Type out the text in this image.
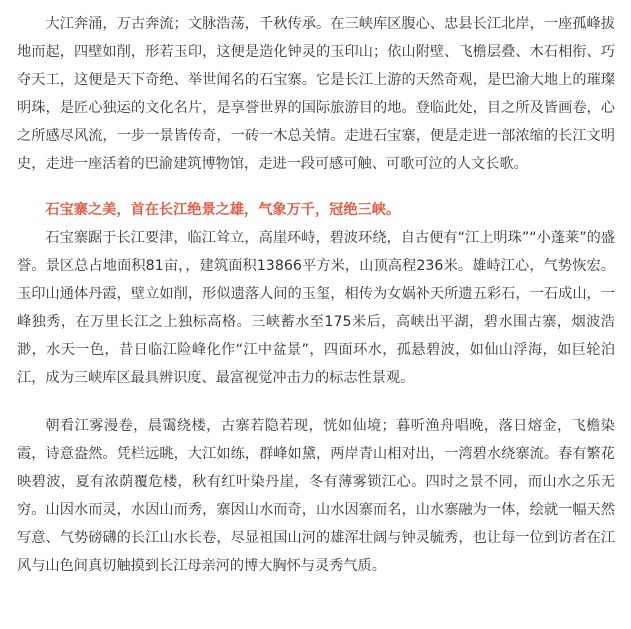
大江奔涌，万古奔流；文脉浩荡，千秋传承。在三峡库区腹心、忠县长江北岸，一座孤峰拔地而起，四壁如削，形若玉印，这便是造化钟灵的玉印山；依山附壁、飞檐层叠、木石相衔、巧夺天工，这便是天下奇绝、举世闻名的石宝寨。它是长江上游的天然奇观，是巴渝大地上的璀璨明珠，是匠心独运的文化名片，是享誉世界的国际旅游目的地。登临此处，目之所及皆画卷，心之所感尽风流，一步一景皆传奇，一砖一木总关情。走进石宝寨，便是走进一部浓缩的长江文明史，走进一座活着的巴渝建筑博物馆，走进一段可感可触、可歌可泣的人文长歌。

石宝寨之美，首在长江绝景之雄，气象万千，冠绝三峡。

石宝寨踞于长江要津，临江耸立，高崖环峙，碧波环绕，自古便有“江上明珠”“小蓬莱”的盛誉。景区总占地面积81亩，，建筑面积13866平方米，山顶高程236米。雄峙江心，气势恢宏。玉印山通体丹霞，壁立如削，形似遗落人间的玉玺，相传为女娲补天所遗五彩石，一石成山，一峰独秀，在万里长江之上独标高格。三峡蓄水至175米后，高峡出平湖，碧水围古寨，烟波浩渺，水天一色，昔日临江险峰化作“江中盆景”，四面环水，孤悬碧波，如仙山浮海，如巨轮泊江，成为三峡库区最具辨识度、最富视觉冲击力的标志性景观。

朝看江雾漫卷，晨霭绕楼，古寨若隐若现，恍如仙境；暮听渔舟唱晚，落日熔金，飞檐染霞，诗意盎然。凭栏远眺，大江如练，群峰如黛，两岸青山相对出，一湾碧水绕寨流。春有繁花映碧波，夏有浓荫覆危楼，秋有红叶染丹崖，冬有薄雾锁江心。四时之景不同，而山水之乐无穷。山因水而灵，水因山而秀，寨因山水而奇，山水因寨而名，山水寨融为一体，绘就一幅天然写意、气势磅礴的长江山水长卷，尽显祖国山河的雄浑壮阔与钟灵毓秀，也让每一位到访者在江风与山色间真切触摸到长江母亲河的博大胸怀与灵秀气质。
